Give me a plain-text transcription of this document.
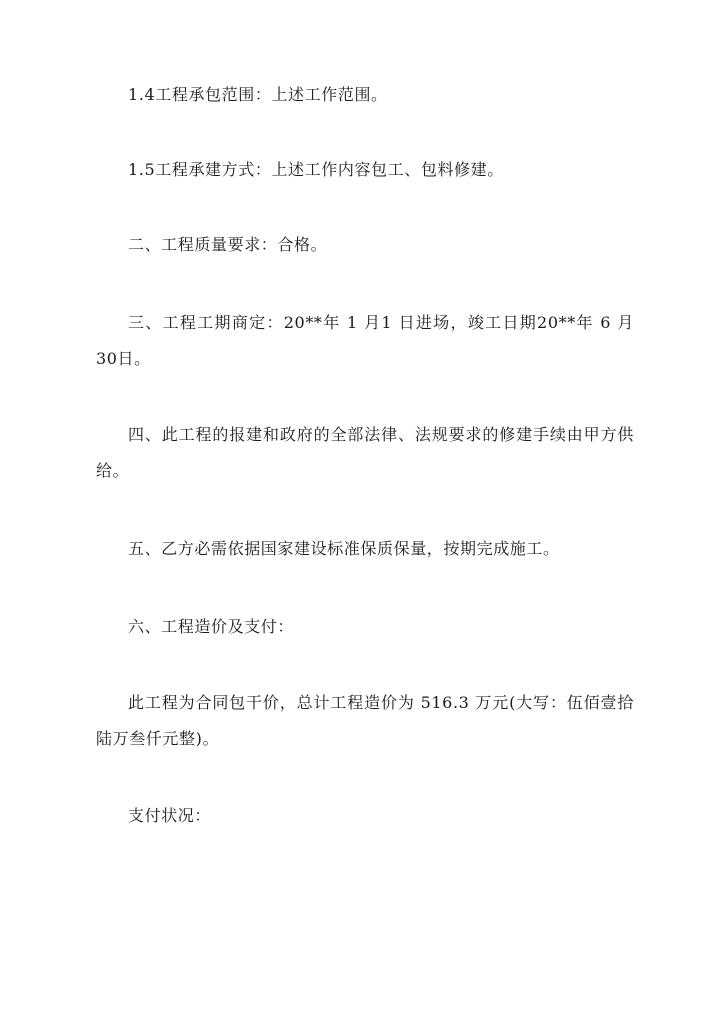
1.4工程承包范围：上述工作范围。

1.5工程承建方式：上述工作内容包工、包料修建。

二、工程质量要求：合格。

三、工程工期商定：20**年 1 月1 日进场，竣工日期20**年 6 月30日。

四、此工程的报建和政府的全部法律、法规要求的修建手续由甲方供给。

五、乙方必需依据国家建设标准保质保量，按期完成施工。

六、工程造价及支付：

此工程为合同包干价，总计工程造价为 516.3 万元(大写：伍佰壹拾陆万叁仟元整)。

支付状况：
